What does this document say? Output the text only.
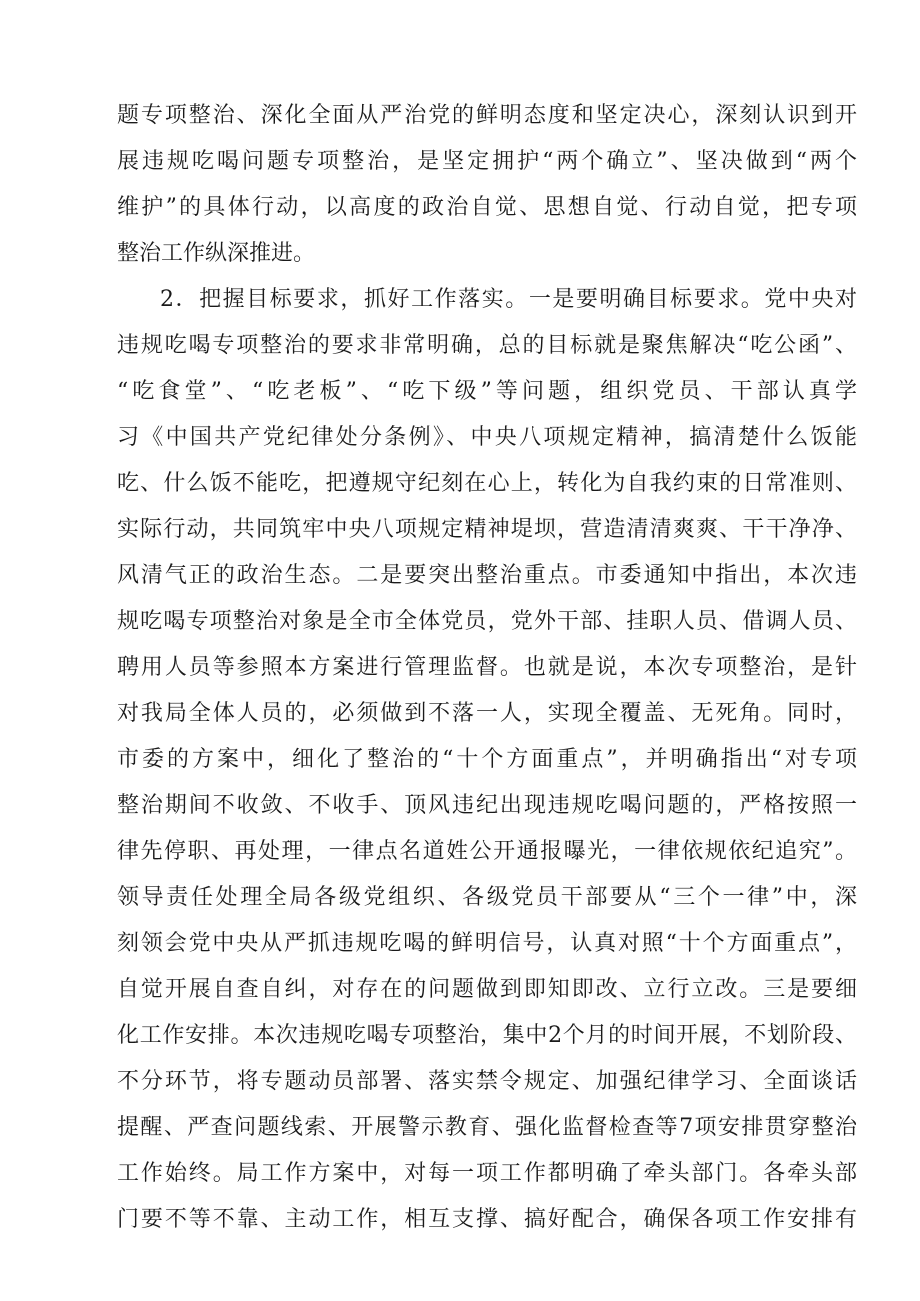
题专项整治、深化全面从严治党的鲜明态度和坚定决心，深刻认识到开
展违规吃喝问题专项整治，是坚定拥护“两个确立”、坚决做到“两个
维护”的具体行动，以高度的政治自觉、思想自觉、行动自觉，把专项
整治工作纵深推进。
2．把握目标要求，抓好工作落实。一是要明确目标要求。党中央对
违规吃喝专项整治的要求非常明确，总的目标就是聚焦解决“吃公函”、
“吃食堂”、“吃老板”、“吃下级”等问题，组织党员、干部认真学
习《中国共产党纪律处分条例》、中央八项规定精神，搞清楚什么饭能
吃、什么饭不能吃，把遵规守纪刻在心上，转化为自我约束的日常准则、
实际行动，共同筑牢中央八项规定精神堤坝，营造清清爽爽、干干净净、
风清气正的政治生态。二是要突出整治重点。市委通知中指出，本次违
规吃喝专项整治对象是全市全体党员，党外干部、挂职人员、借调人员、
聘用人员等参照本方案进行管理监督。也就是说，本次专项整治，是针
对我局全体人员的，必须做到不落一人，实现全覆盖、无死角。同时，
市委的方案中，细化了整治的“十个方面重点”，并明确指出“对专项
整治期间不收敛、不收手、顶风违纪出现违规吃喝问题的，严格按照一
律先停职、再处理，一律点名道姓公开通报曝光，一律依规依纪追究”。
领导责任处理全局各级党组织、各级党员干部要从“三个一律”中，深
刻领会党中央从严抓违规吃喝的鲜明信号，认真对照“十个方面重点”，
自觉开展自查自纠，对存在的问题做到即知即改、立行立改。三是要细
化工作安排。本次违规吃喝专项整治，集中2个月的时间开展，不划阶段、
不分环节，将专题动员部署、落实禁令规定、加强纪律学习、全面谈话
提醒、严查问题线索、开展警示教育、强化监督检查等7项安排贯穿整治
工作始终。局工作方案中，对每一项工作都明确了牵头部门。各牵头部
门要不等不靠、主动工作，相互支撑、搞好配合，确保各项工作安排有
